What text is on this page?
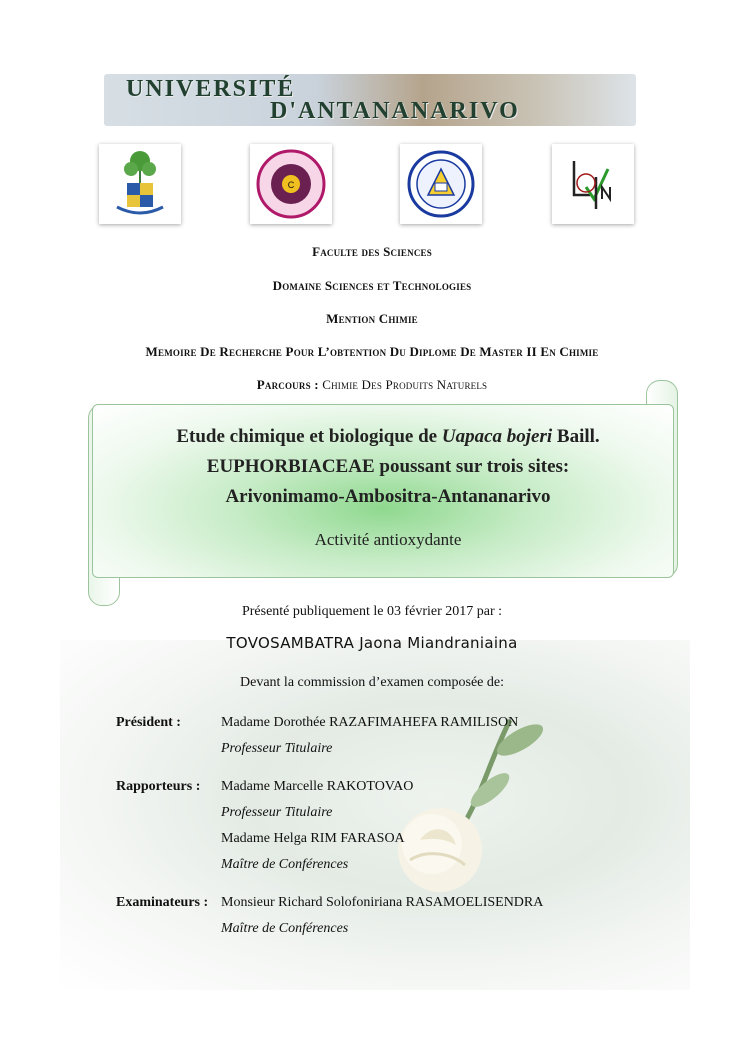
UNIVERSITÉ
D'ANTANANARIVO
C
Faculte des Sciences
Domaine Sciences et Technologies
Mention Chimie
Memoire De Recherche Pour L’obtention Du Diplome De Master II En Chimie
Parcours : Chimie Des Produits Naturels
Etude chimique et biologique de Uapaca bojeri Baill.
EUPHORBIACEAE poussant sur trois sites:
Arivonimamo-Ambositra-Antananarivo
Activité antioxydante
Présenté publiquement le 03 février 2017 par :
TOVOSAMBATRA Jaona Miandraniaina
Devant la commission d’examen composée de:
Président :	Madame Dorothée RAZAFIMAHEFA RAMILISON
Professeur Titulaire
Rapporteurs : Madame Marcelle RAKOTOVAO
Professeur Titulaire
Madame Helga RIM FARASOA
Maître de Conférences
Examinateurs : Monsieur Richard Solofoniriana RASAMOELISENDRA
Maître de Conférences
